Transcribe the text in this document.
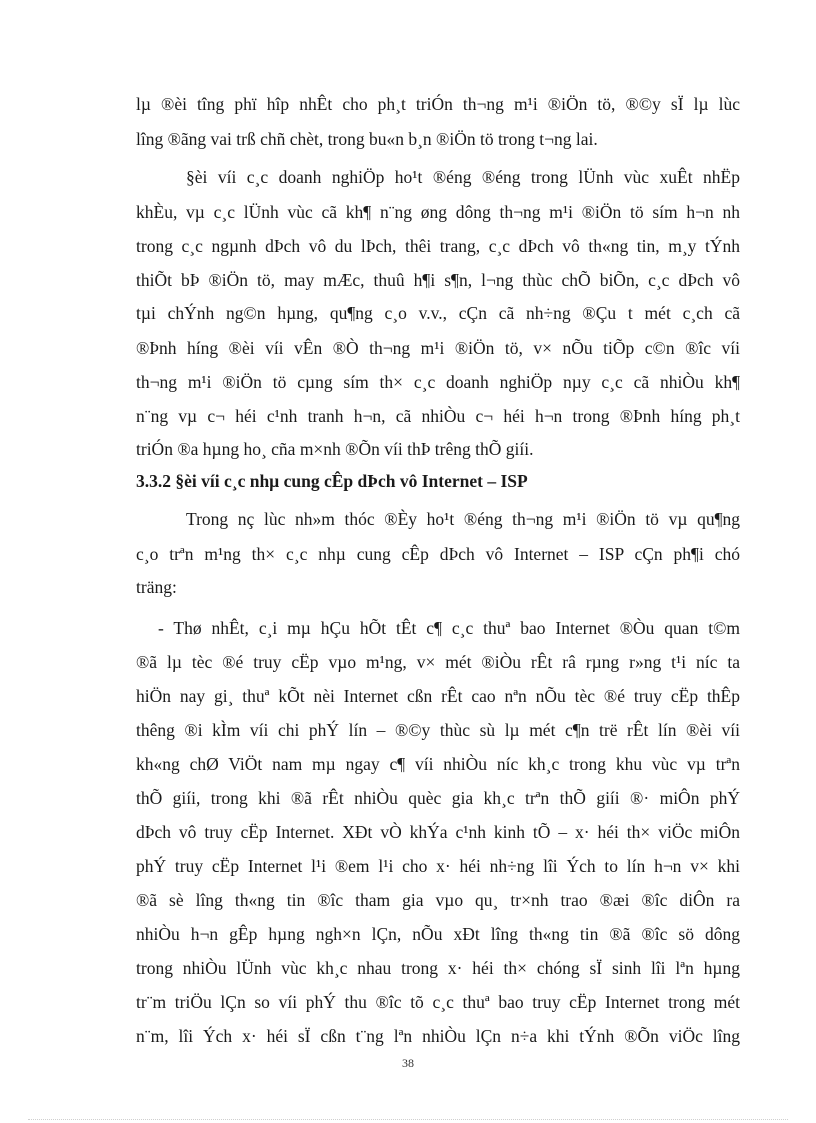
lµ ®èi tîng phï hîp nhÊt cho ph¸t triÓn th¬ng m¹i ®iÖn tö, ®©y sÏ lµ lùc
lîng ®ãng vai trß chñ chèt, trong bu«n b¸n ®iÖn tö trong t¬ng lai.
§èi víi c¸c doanh nghiÖp ho¹t ®éng ®éng trong lÜnh vùc xuÊt nhËp
khÈu, vµ c¸c lÜnh vùc cã kh¶ n¨ng øng dông th¬ng m¹i ®iÖn tö sím h¬n nh
trong c¸c ngµnh dÞch vô du lÞch, thêi trang, c¸c dÞch vô th«ng tin, m¸y tÝnh
thiÕt bÞ ®iÖn tö, may mÆc, thuû h¶i s¶n, l¬ng thùc chÕ biÕn, c¸c dÞch vô
tµi chÝnh ng©n hµng, qu¶ng c¸o v.v., cÇn cã nh÷ng ®Çu t mét c¸ch cã
®Þnh híng ®èi víi vÊn ®Ò th¬ng m¹i ®iÖn tö, v× nÕu tiÕp c©n ®îc víi
th¬ng m¹i ®iÖn tö cµng sím th× c¸c doanh nghiÖp nµy c¸c cã nhiÒu kh¶
n¨ng vµ c¬ héi c¹nh tranh h¬n, cã nhiÒu c¬ héi h¬n trong ®Þnh híng ph¸t
triÓn ®a hµng ho¸ cña m×nh ®Õn víi thÞ trêng thÕ giíi.
3.3.2 §èi víi c¸c nhµ cung cÊp dÞch vô Internet – ISP
Trong nç lùc nh»m thóc ®Èy ho¹t ®éng th¬ng m¹i ®iÖn tö vµ qu¶ng
c¸o trªn m¹ng th× c¸c nhµ cung cÊp dÞch vô Internet – ISP cÇn ph¶i chó
träng:
- Thø nhÊt, c¸i mµ hÇu hÕt tÊt c¶ c¸c thuª bao Internet ®Òu quan t©m
®ã lµ tèc ®é truy cËp vµo m¹ng, v× mét ®iÒu rÊt râ rµng r»ng t¹i níc ta
hiÖn nay gi¸ thuª kÕt nèi Internet cßn rÊt cao nªn nÕu tèc ®é truy cËp thÊp
thêng ®i kÌm víi chi phÝ lín – ®©y thùc sù lµ mét c¶n trë rÊt lín ®èi víi
kh«ng chØ ViÖt nam mµ ngay c¶ víi nhiÒu níc kh¸c trong khu vùc vµ trªn
thÕ giíi, trong khi ®ã rÊt nhiÒu quèc gia kh¸c trªn thÕ giíi ®· miÔn phÝ
dÞch vô truy cËp Internet. XÐt vÒ khÝa c¹nh kinh tÕ – x· héi th× viÖc miÔn
phÝ truy cËp Internet l¹i ®em l¹i cho x· héi nh÷ng lîi Ých to lín h¬n v× khi
®ã sè lîng th«ng tin ®îc tham gia vµo qu¸ tr×nh trao ®æi ®îc diÔn ra
nhiÒu h¬n gÊp hµng ngh×n lÇn, nÕu xÐt lîng th«ng tin ®ã ®îc sö dông
trong nhiÒu lÜnh vùc kh¸c nhau trong x· héi th× chóng sÏ sinh lîi lªn hµng
tr¨m triÖu lÇn so víi phÝ thu ®îc tõ c¸c thuª bao truy cËp Internet trong mét
n¨m, lîi Ých x· héi sÏ cßn t¨ng lªn nhiÒu lÇn n÷a khi tÝnh ®Õn viÖc lîng
38
